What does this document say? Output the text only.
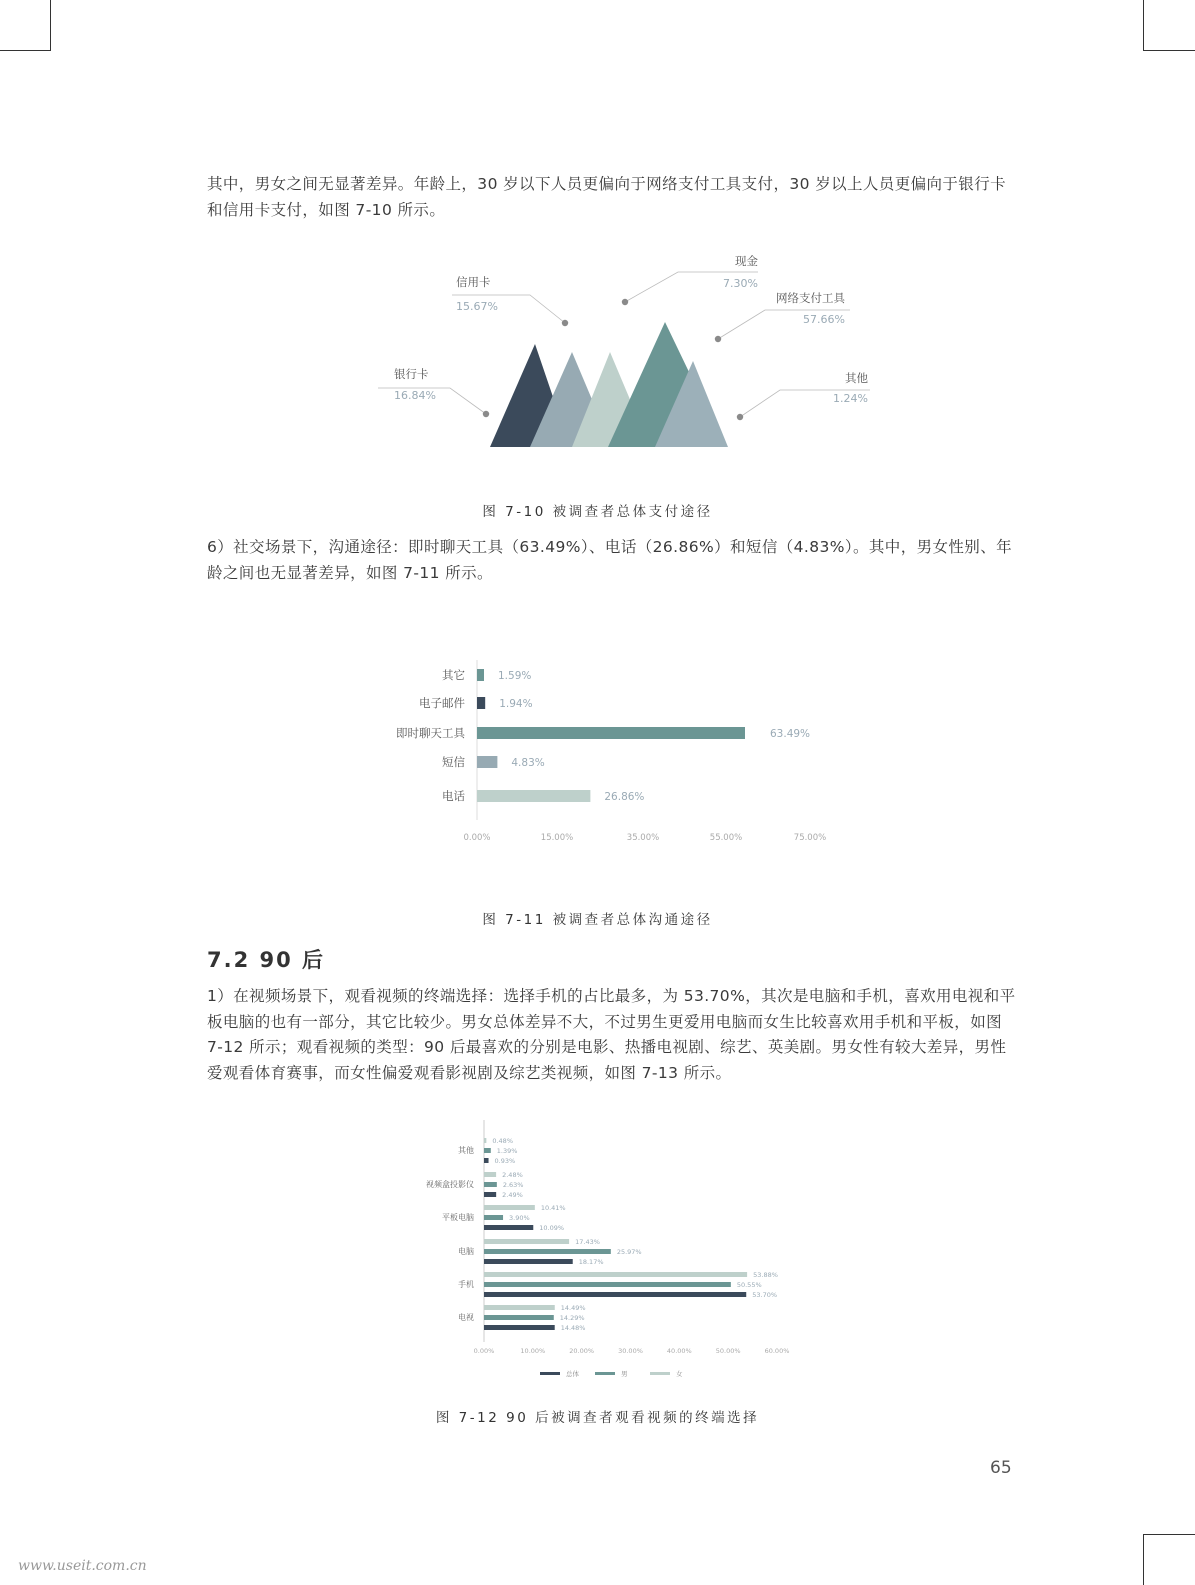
其中，男女之间无显著差异。年龄上，30 岁以下人员更偏向于网络支付工具支付，30 岁以上人员更偏向于银行卡和信用卡支付，如图 7-10 所示。

银行卡
16.84%
信用卡
15.67%
现金
7.30%
网络支付工具
57.66%
其他
1.24%
图 7-10 被调查者总体支付途径

6）社交场景下，沟通途径：即时聊天工具（63.49%）、电话（26.86%）和短信（4.83%）。其中，男女性别、年龄之间也无显著差异，如图 7-11 所示。

其它	1.59%
电子邮件	1.94%
即时聊天工具	63.49%
短信	4.83%
电话	26.86%
0.00%	15.00%	35.00%	55.00%	75.00%
图 7-11 被调查者总体沟通途径
7.2 90 后

1）在视频场景下，观看视频的终端选择：选择手机的占比最多，为 53.70%，其次是电脑和手机，喜欢用电视和平板电脑的也有一部分，其它比较少。男女总体差异不大，不过男生更爱用电脑而女生比较喜欢用手机和平板，如图 7-12 所示；观看视频的类型：90 后最喜欢的分别是电影、热播电视剧、综艺、英美剧。男女性有较大差异，男性爱观看体育赛事，而女性偏爱观看影视剧及综艺类视频，如图 7-13 所示。

其他
0.48%
1.39%
0.93%
视频盒投影仪
2.48%
2.63%
2.49%
平板电脑
10.41%
3.90%
10.09%
电脑
17.43%
25.97%
18.17%
手机
53.88%
50.55%
53.70%
电视
14.49%
14.29%
14.48%
0.00%	10.00%	20.00%	30.00%	40.00%	50.00%	60.00%
总体	男	女
图 7-12 90 后被调查者观看视频的终端选择
65
www.useit.com.cn
